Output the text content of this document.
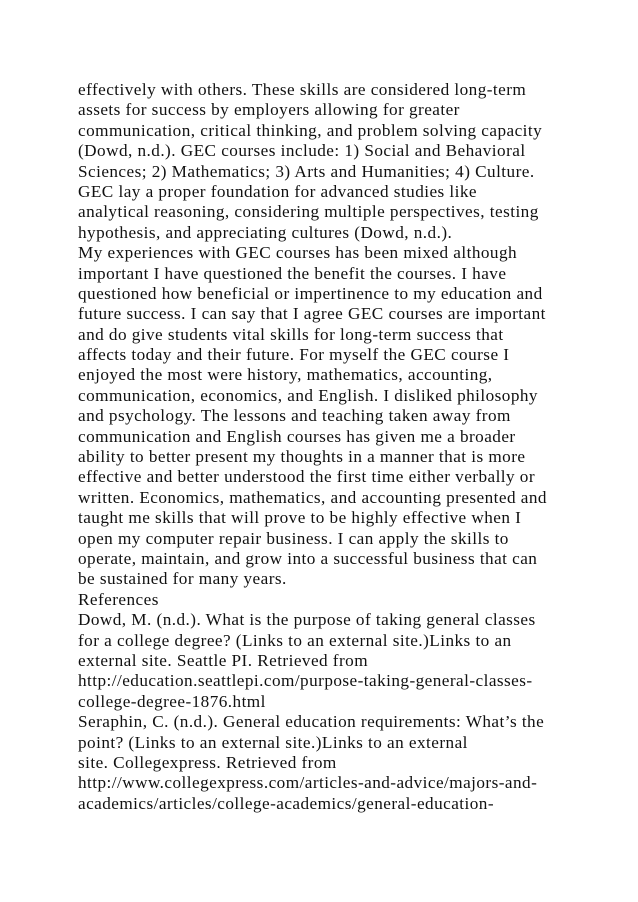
effectively with others. These skills are considered long-term
assets for success by employers allowing for greater
communication, critical thinking, and problem solving capacity
(Dowd, n.d.). GEC courses include: 1) Social and Behavioral
Sciences; 2) Mathematics; 3) Arts and Humanities; 4) Culture.
GEC lay a proper foundation for advanced studies like
analytical reasoning, considering multiple perspectives, testing
hypothesis, and appreciating cultures (Dowd, n.d.).
My experiences with GEC courses has been mixed although
important I have questioned the benefit the courses. I have
questioned how beneficial or impertinence to my education and
future success. I can say that I agree GEC courses are important
and do give students vital skills for long-term success that
affects today and their future. For myself the GEC course I
enjoyed the most were history, mathematics, accounting,
communication, economics, and English. I disliked philosophy
and psychology. The lessons and teaching taken away from
communication and English courses has given me a broader
ability to better present my thoughts in a manner that is more
effective and better understood the first time either verbally or
written. Economics, mathematics, and accounting presented and
taught me skills that will prove to be highly effective when I
open my computer repair business. I can apply the skills to
operate, maintain, and grow into a successful business that can
be sustained for many years.
References
Dowd, M. (n.d.). What is the purpose of taking general classes
for a college degree? (Links to an external site.)Links to an
external site. Seattle PI. Retrieved from
http://education.seattlepi.com/purpose-taking-general-classes-
college-degree-1876.html
Seraphin, C. (n.d.). General education requirements: What’s the
point? (Links to an external site.)Links to an external
site. Collegexpress. Retrieved from
http://www.collegexpress.com/articles-and-advice/majors-and-
academics/articles/college-academics/general-education-
